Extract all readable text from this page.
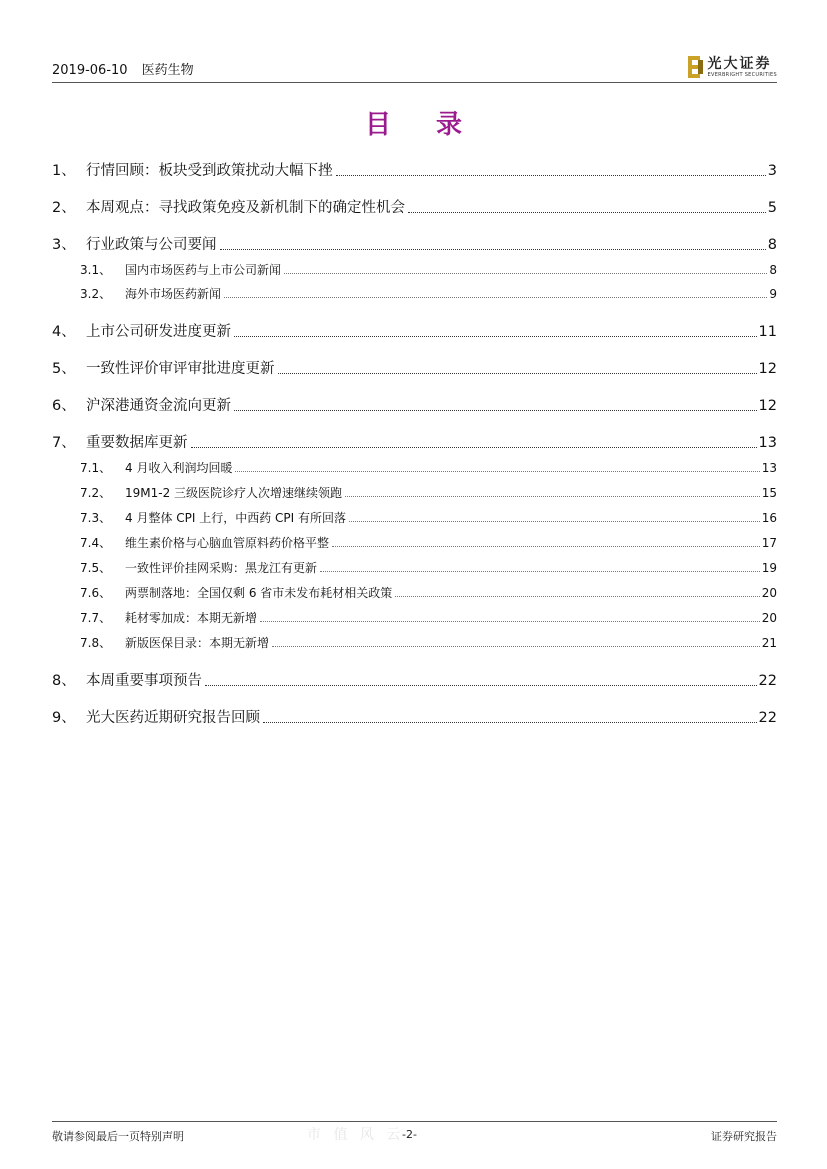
2019-06-10 医药生物	光大证券
EVERBRIGHT SECURITIES
目 录
1、 行情回顾：板块受到政策扰动大幅下挫	3
2、 本周观点：寻找政策免疫及新机制下的确定性机会	5
3、 行业政策与公司要闻	8
3.1、	国内市场医药与上市公司新闻	8
3.2、	海外市场医药新闻	9
4、 上市公司研发进度更新	11
5、 一致性评价审评审批进度更新	12
6、 沪深港通资金流向更新	12
7、 重要数据库更新	13
7.1、	4 月收入利润均回暖	13
7.2、	19M1-2 三级医院诊疗人次增速继续领跑	15
7.3、	4 月整体 CPI 上行，中西药 CPI 有所回落	16
7.4、	维生素价格与心脑血管原料药价格平整	17
7.5、	一致性评价挂网采购：黑龙江有更新	19
7.6、	两票制落地：全国仅剩 6 省市未发布耗材相关政策	20
7.7、	耗材零加成：本期无新增	20
7.8、	新版医保目录：本期无新增	21
8、 本周重要事项预告	22
9、 光大医药近期研究报告回顾	22
敬请参阅最后一页特别声明	市 值 风 云
-2-	证券研究报告
